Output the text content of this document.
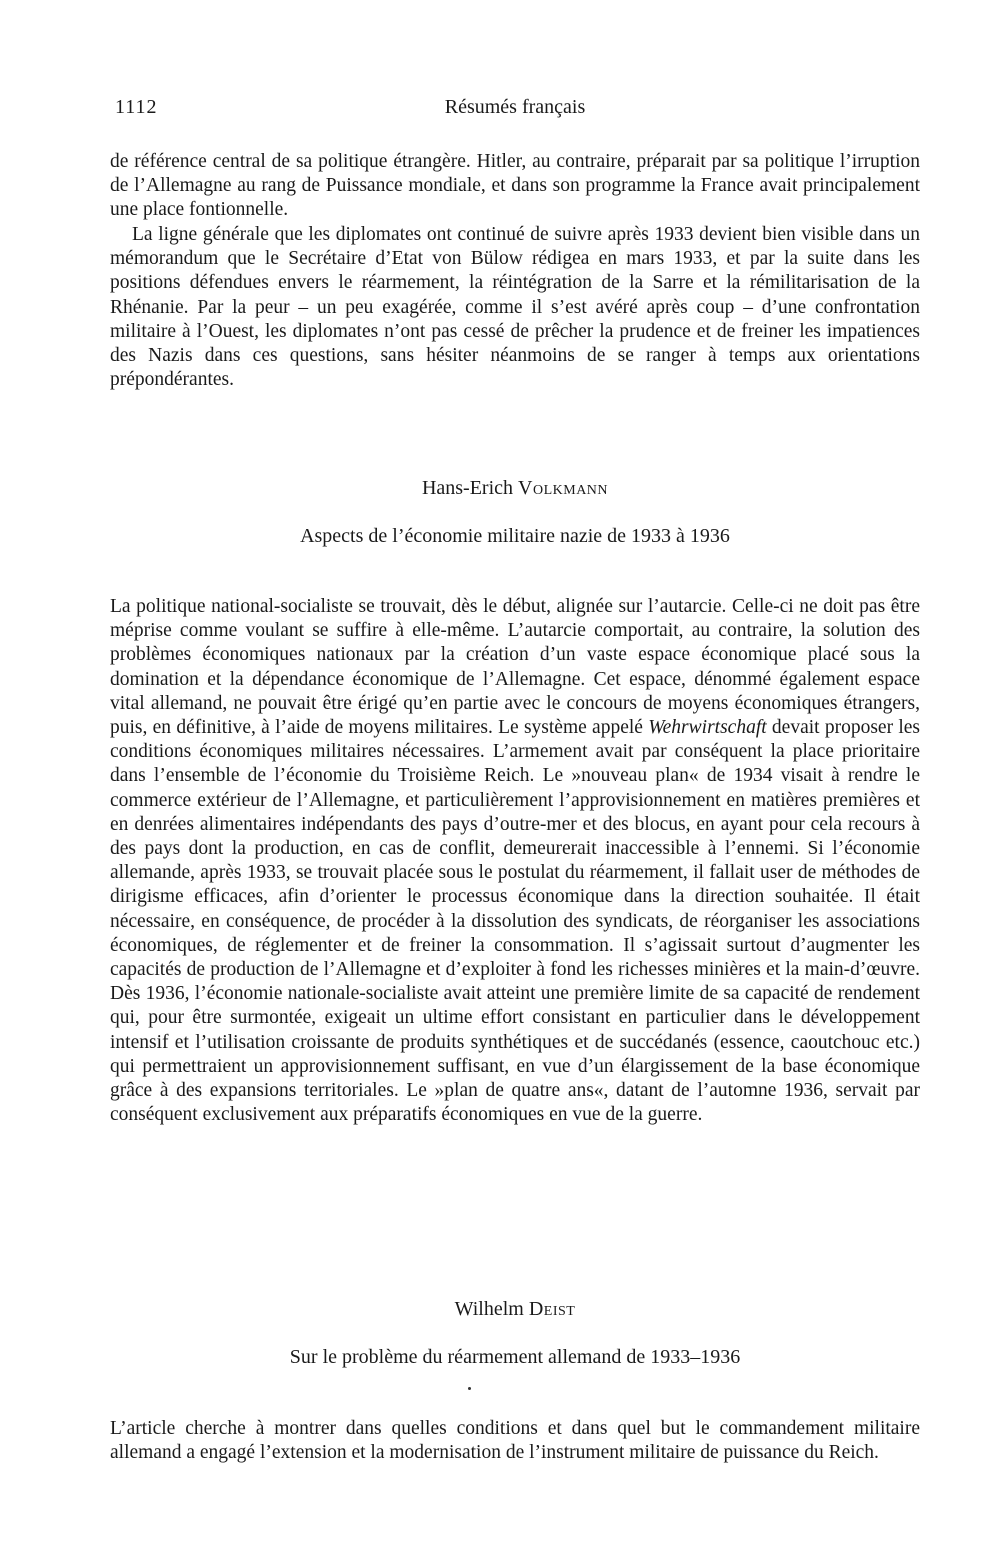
1112	Résumés français

de référence central de sa politique étrangère. Hitler, au contraire, préparait par sa politique l’irruption de l’Allemagne au rang de Puissance mondiale, et dans son programme la France avait principalement une place fontionnelle.

La ligne générale que les diplomates ont continué de suivre après 1933 devient bien visible dans un mémorandum que le Secrétaire d’Etat von Bülow rédigea en mars 1933, et par la suite dans les positions défendues envers le réarmement, la réintégration de la Sarre et la rémilitarisation de la Rhénanie. Par la peur – un peu exagérée, comme il s’est avéré après coup – d’une confrontation militaire à l’Ouest, les diplomates n’ont pas cessé de prêcher la prudence et de freiner les impatiences des Nazis dans ces questions, sans hésiter néanmoins de se ranger à temps aux orientations prépondérantes.

Hans-Erich Volkmann
Aspects de l’économie militaire nazie de 1933 à 1936

La politique national-socialiste se trouvait, dès le début, alignée sur l’autarcie. Celle-ci ne doit pas être méprise comme voulant se suffire à elle-même. L’autarcie comportait, au contraire, la solution des problèmes économiques nationaux par la création d’un vaste espace économique placé sous la domination et la dépendance économique de l’Allemagne. Cet espace, dénommé également espace vital allemand, ne pouvait être érigé qu’en partie avec le concours de moyens économiques étrangers, puis, en définitive, à l’aide de moyens militaires. Le système appelé Wehrwirtschaft devait proposer les conditions économiques militaires nécessaires. L’armement avait par conséquent la place prioritaire dans l’ensemble de l’économie du Troisième Reich. Le »nouveau plan« de 1934 visait à rendre le commerce extérieur de l’Allemagne, et particulièrement l’approvisionnement en matières premières et en denrées alimentaires indépendants des pays d’outre-mer et des blocus, en ayant pour cela recours à des pays dont la production, en cas de conflit, demeurerait inaccessible à l’ennemi. Si l’économie allemande, après 1933, se trouvait placée sous le postulat du réarmement, il fallait user de méthodes de dirigisme efficaces, afin d’orienter le processus économique dans la direction souhaitée. Il était nécessaire, en conséquence, de procéder à la dissolution des syndicats, de réorganiser les associations économiques, de réglementer et de freiner la consommation. Il s’agissait surtout d’augmenter les capacités de production de l’Allemagne et d’exploiter à fond les richesses minières et la main-d’œuvre. Dès 1936, l’économie nationale-socialiste avait atteint une première limite de sa capacité de rendement qui, pour être surmontée, exigeait un ultime effort consistant en particulier dans le développement intensif et l’utilisation croissante de produits synthétiques et de succédanés (essence, caoutchouc etc.) qui permettraient un approvisionnement suffisant, en vue d’un élargissement de la base économique grâce à des expansions territoriales. Le »plan de quatre ans«, datant de l’automne 1936, servait par conséquent exclusivement aux préparatifs économiques en vue de la guerre.

Wilhelm Deist
Sur le problème du réarmement allemand de 1933–1936

L’article cherche à montrer dans quelles conditions et dans quel but le commandement militaire allemand a engagé l’extension et la modernisation de l’instrument militaire de puissance du Reich.
